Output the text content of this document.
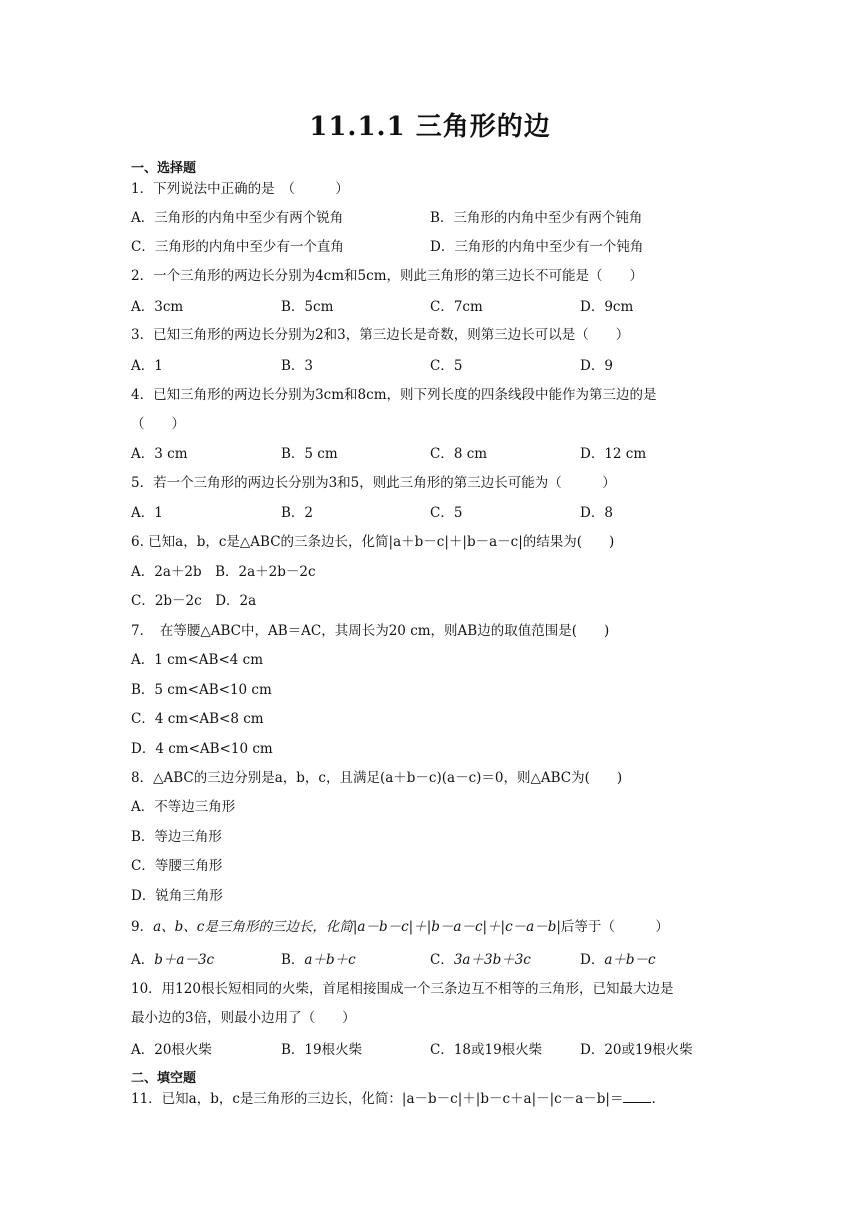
11.1.1 三角形的边
一、选择题
1．下列说法中正确的是　（　　　）
A．三角形的内角中至少有两个锐角	B．三角形的内角中至少有两个钝角
C．三角形的内角中至少有一个直角	D．三角形的内角中至少有一个钝角
2．一个三角形的两边长分别为4cm和5cm，则此三角形的第三边长不可能是（　　）
A．3cm	B．5cm	C．7cm	D．9cm
3．已知三角形的两边长分别为2和3，第三边长是奇数，则第三边长可以是（　　）
A．1	B．3	C．5	D．9
4．已知三角形的两边长分别为3cm和8cm，则下列长度的四条线段中能作为第三边的是
（　　）
A．3 cm	B．5 cm	C．8 cm	D．12 cm
5．若一个三角形的两边长分别为3和5，则此三角形的第三边长可能为（　　　）
A．1	B．2	C．5	D．8
6. 已知a，b，c是△ABC的三条边长，化简|a＋b－c|＋|b－a－c|的结果为(　　)
A．2a＋2b　B．2a＋2b－2c
C．2b－2c　D．2a
7．　在等腰△ABC中，AB＝AC，其周长为20 cm，则AB边的取值范围是(　　)
A．1 cm<AB<4 cm
B．5 cm<AB<10 cm
C．4 cm<AB<8 cm
D．4 cm<AB<10 cm
8．△ABC的三边分别是a，b，c，且满足(a＋b－c)(a－c)＝0，则△ABC为(　　)
A．不等边三角形
B．等边三角形
C．等腰三角形
D．锐角三角形
9．a、b、c是三角形的三边长，化简|a－b－c|＋|b－a－c|＋|c－a－b|后等于（　　　）
A．b＋a－3c	B．a＋b＋c	C．3a＋3b＋3c	D．a＋b－c
10．用120根长短相同的火柴，首尾相接围成一个三条边互不相等的三角形，已知最大边是
最小边的3倍，则最小边用了（　　）
A．20根火柴	B．19根火柴	C．18或19根火柴	D．20或19根火柴
二、填空题
11．已知a，b，c是三角形的三边长，化简：|a－b－c|＋|b－c＋a|－|c－a－b|＝ .
